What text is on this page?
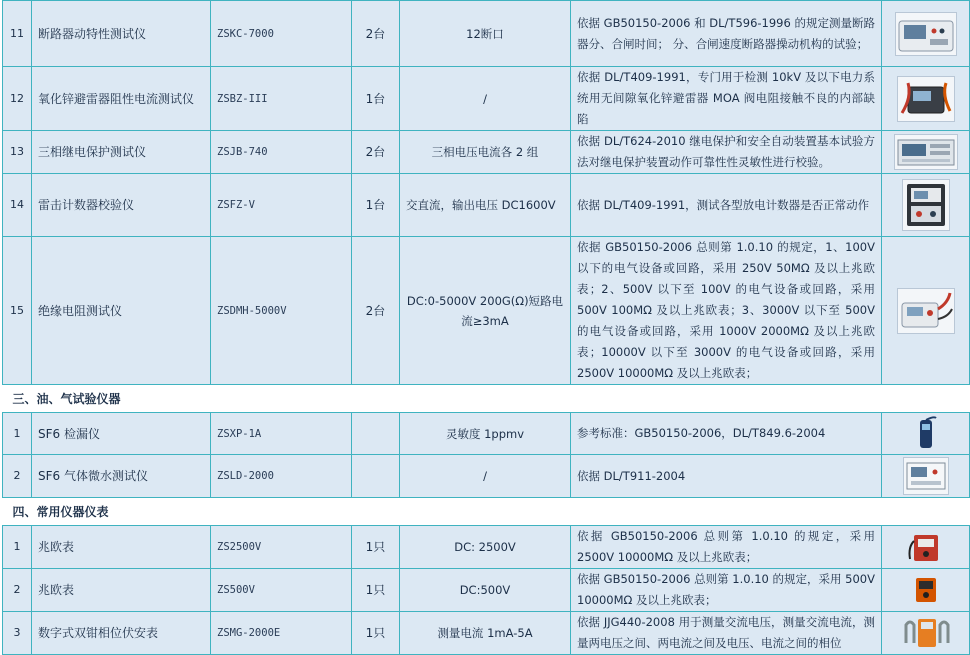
11	断路器动特性测试仪	ZSKC-7000	2台	12断口	依据 GB50150-2006 和 DL/T596-1996 的规定测量断路器分、合闸时间； 分、合闸速度断路器操动机构的试验；	

12	氧化锌避雷器阻性电流测试仪	ZSBZ-III	1台	/	依据 DL/T409-1991，专门用于检测 10kV 及以下电力系统用无间隙氧化锌避雷器 MOA 阀电阻接触不良的内部缺陷	

13	三相继电保护测试仪	ZSJB-740	2台	三相电压电流各 2 组	依据 DL/T624-2010 继电保护和安全自动装置基本试验方法对继电保护装置动作可靠性性灵敏性进行校验。	

14	雷击计数器校验仪	ZSFZ-V	1台	交直流，输出电压 DC1600V	依据 DL/T409-1991，测试各型放电计数器是否正常动作	

15	绝缘电阻测试仪	ZSDMH-5000V	2台	DC:0-5000V 200G(Ω)短路电流≥3mA	依据 GB50150-2006 总则第 1.0.10 的规定，1、100V 以下的电气设备或回路，采用 250V 50MΩ 及以上兆欧表；2、500V 以下至 100V 的电气设备或回路，采用 500V 100MΩ 及以上兆欧表；3、3000V 以下至 500V 的电气设备或回路，采用 1000V 2000MΩ 及以上兆欧表；10000V 以下至 3000V 的电气设备或回路，采用 2500V 10000MΩ 及以上兆欧表；	

三、油、气试验仪器						
1	SF6 检漏仪	ZSXP-1A		灵敏度 1ppmv	参考标准：GB50150-2006，DL/T849.6-2004	

2	SF6 气体微水测试仪	ZSLD-2000		/	依据 DL/T911-2004	

四、常用仪器仪表						
1	兆欧表	ZS2500V	1只	DC: 2500V	依据 GB50150-2006 总则第 1.0.10 的规定，采用 2500V 10000MΩ 及以上兆欧表；	

2	兆欧表	ZS500V	1只	DC:500V	依据 GB50150-2006 总则第 1.0.10 的规定，采用 500V 10000MΩ 及以上兆欧表；	

3	数字式双钳相位伏安表	ZSMG-2000E	1只	测量电流 1mA-5A	依据 JJG440-2008 用于测量交流电压，测量交流电流，测量两电压之间、两电流之间及电压、电流之间的相位	
